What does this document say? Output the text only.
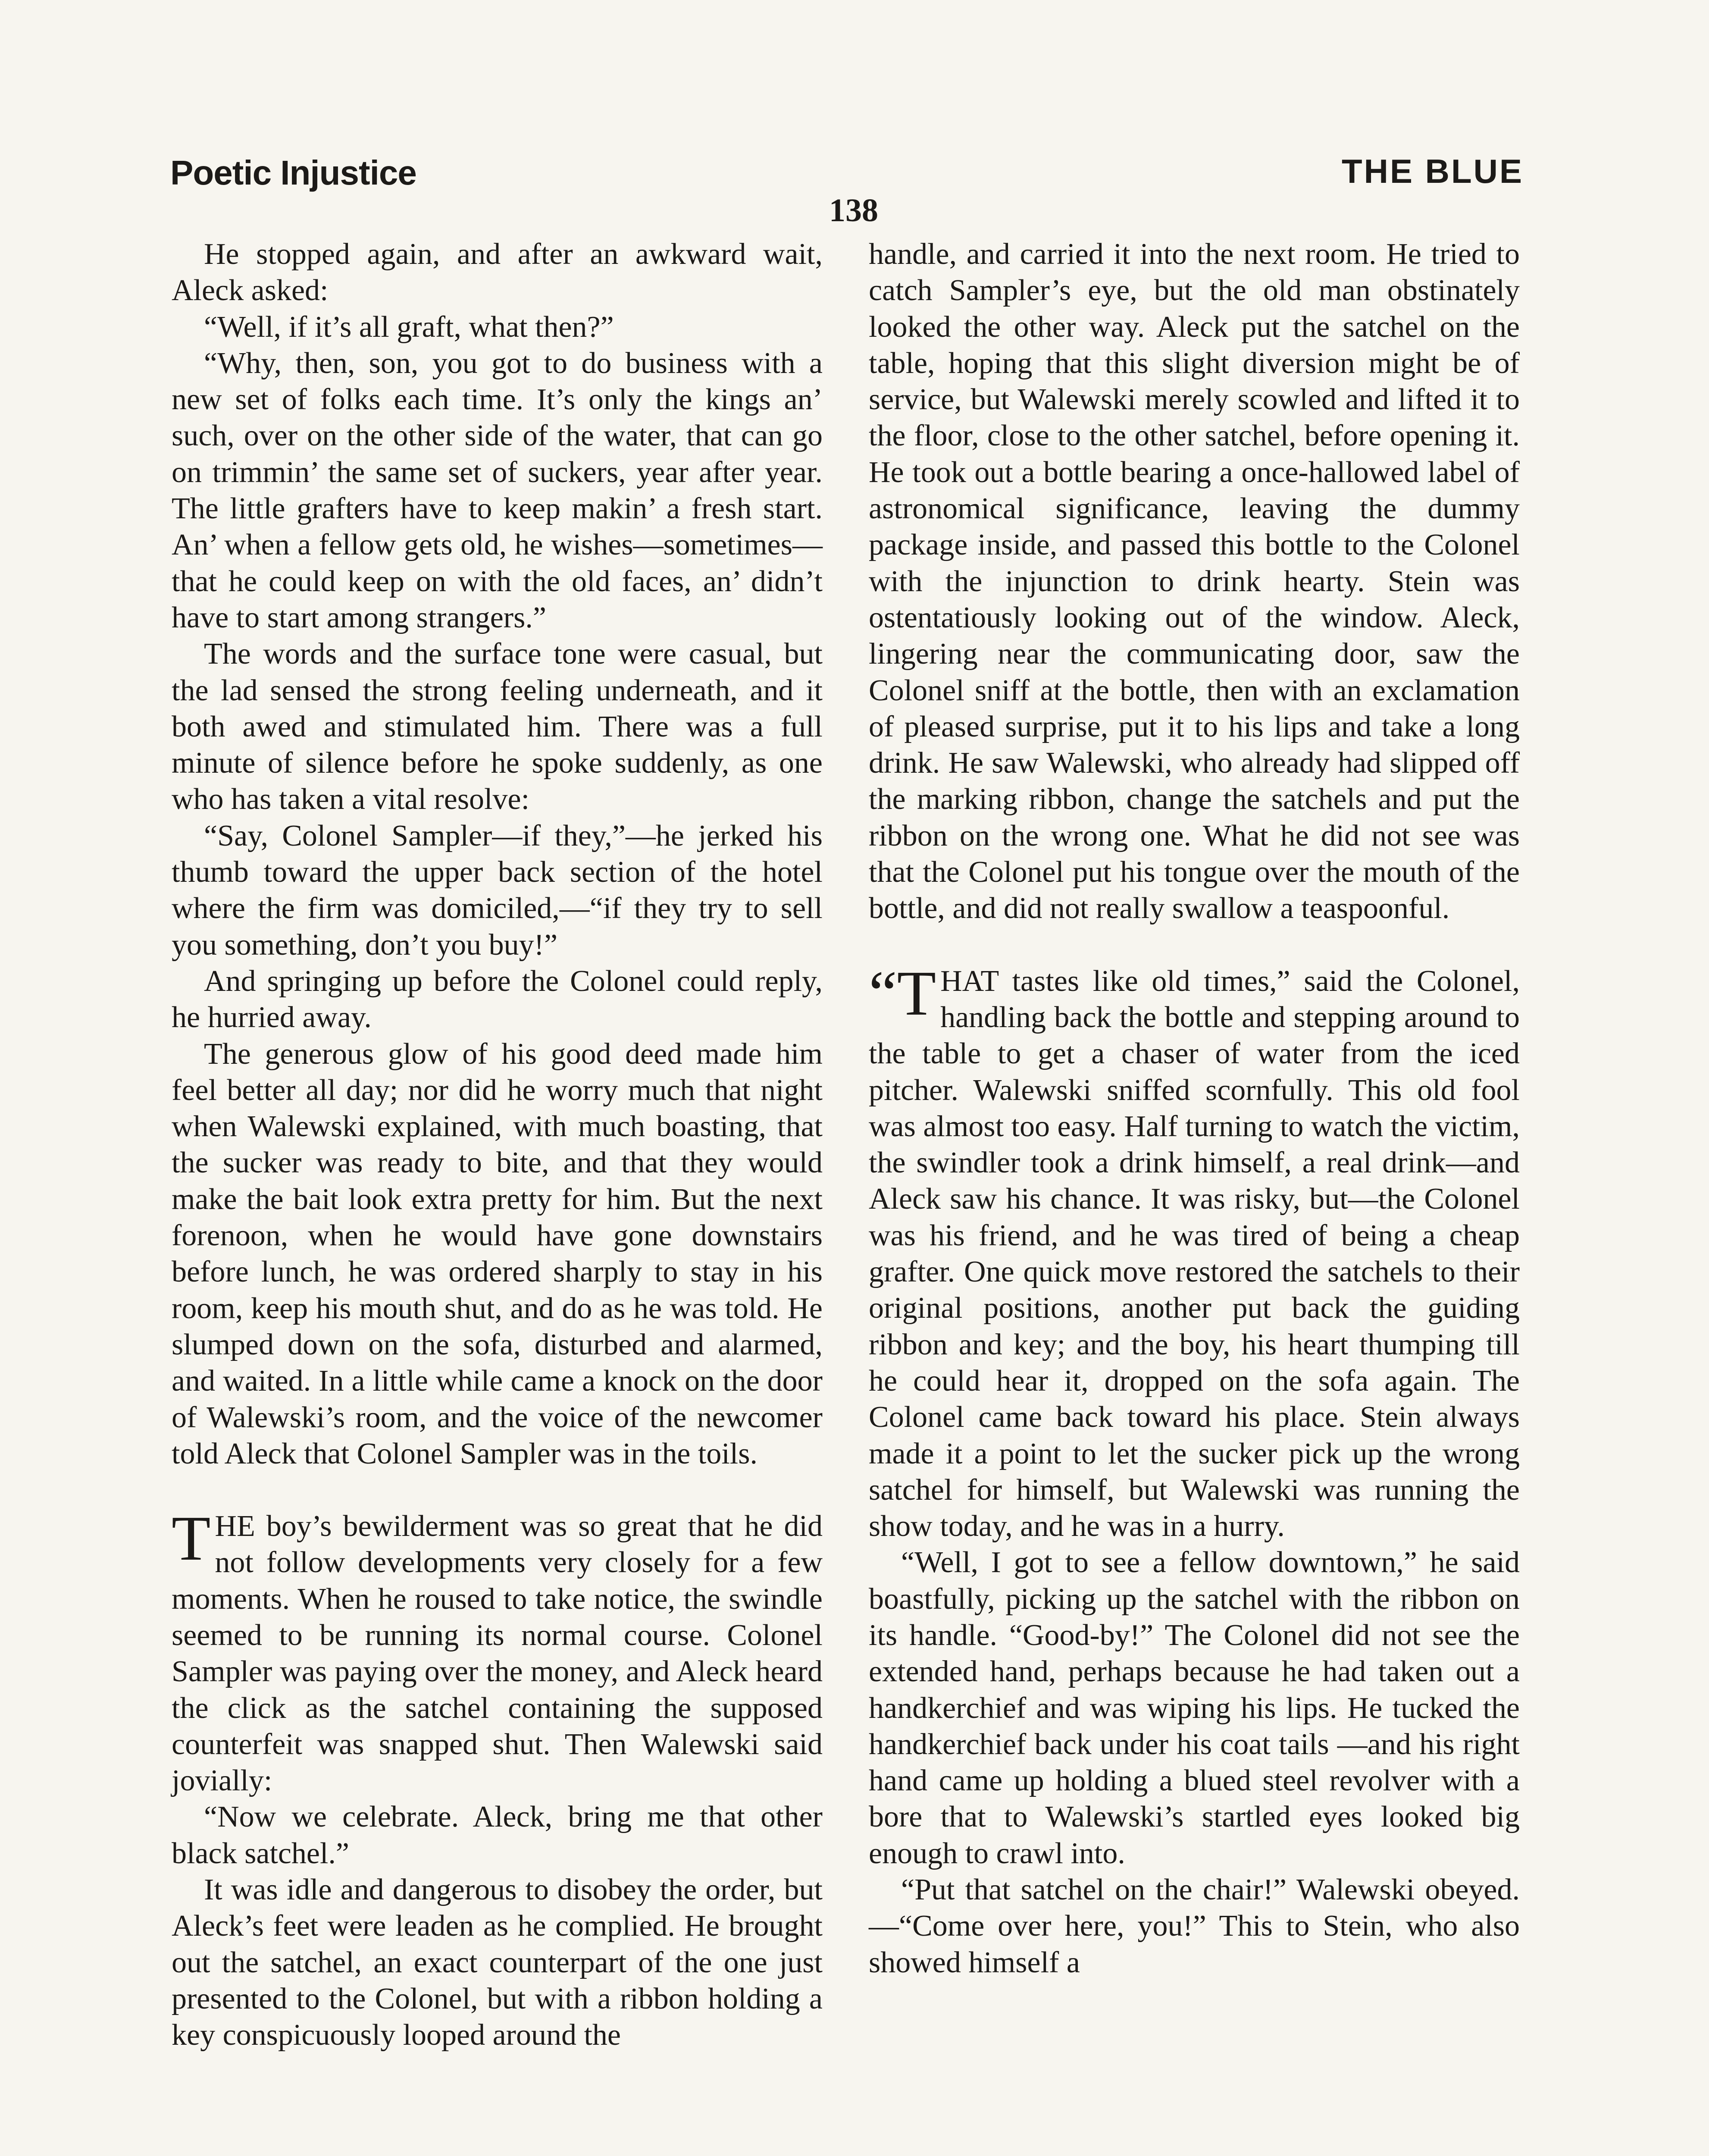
Poetic Injustice	THE BLUE
138

He stopped again, and after an awkward wait, Aleck asked:

“Well, if it’s all graft, what then?”

“Why, then, son, you got to do business with a new set of folks each time. It’s only the kings an’ such, over on the other side of the water, that can go on trimmin’ the same set of suckers, year after year. The little grafters have to keep makin’ a fresh start. An’ when a fellow gets old, he wishes—sometimes—that he could keep on with the old faces, an’ didn’t have to start among strangers.”

The words and the surface tone were casual, but the lad sensed the strong feeling underneath, and it both awed and stimulated him. There was a full minute of silence before he spoke suddenly, as one who has taken a vital resolve:

“Say, Colonel Sampler—if they,”—he jerked his thumb toward the upper back section of the hotel where the firm was domiciled,—“if they try to sell you something, don’t you buy!”

And springing up before the Colonel could reply, he hurried away.

The generous glow of his good deed made him feel better all day; nor did he worry much that night when Walewski explained, with much boasting, that the sucker was ready to bite, and that they would make the bait look extra pretty for him. But the next forenoon, when he would have gone downstairs before lunch, he was ordered sharply to stay in his room, keep his mouth shut, and do as he was told. He slumped down on the sofa, disturbed and alarmed, and waited. In a little while came a knock on the door of Walewski’s room, and the voice of the newcomer told Aleck that Colonel Sampler was in the toils.

THE boy’s bewilderment was so great that he did not follow developments very closely for a few moments. When he roused to take notice, the swindle seemed to be running its normal course. Colonel Sampler was paying over the money, and Aleck heard the click as the satchel containing the supposed counterfeit was snapped shut. Then Walewski said jovially:

“Now we celebrate. Aleck, bring me that other black satchel.”

It was idle and dangerous to disobey the order, but Aleck’s feet were leaden as he complied. He brought out the satchel, an exact counterpart of the one just presented to the Colonel, but with a ribbon holding a key conspicuously looped around the

handle, and carried it into the next room. He tried to catch Sampler’s eye, but the old man obstinately looked the other way. Aleck put the satchel on the table, hoping that this slight diversion might be of service, but Walewski merely scowled and lifted it to the floor, close to the other satchel, before opening it. He took out a bottle bearing a once-hallowed label of astronomical significance, leaving the dummy package inside, and passed this bottle to the Colonel with the injunction to drink hearty. Stein was ostentatiously looking out of the window. Aleck, lingering near the communicating door, saw the Colonel sniff at the bottle, then with an exclamation of pleased surprise, put it to his lips and take a long drink. He saw Walewski, who already had slipped off the marking ribbon, change the satchels and put the ribbon on the wrong one. What he did not see was that the Colonel put his tongue over the mouth of the bottle, and did not really swallow a teaspoonful.

“THAT tastes like old times,” said the Colonel, handling back the bottle and stepping around to the table to get a chaser of water from the iced pitcher. Walewski sniffed scornfully. This old fool was almost too easy. Half turning to watch the victim, the swindler took a drink himself, a real drink—and Aleck saw his chance. It was risky, but—the Colonel was his friend, and he was tired of being a cheap grafter. One quick move restored the satchels to their original positions, another put back the guiding ribbon and key; and the boy, his heart thumping till he could hear it, dropped on the sofa again. The Colonel came back toward his place. Stein always made it a point to let the sucker pick up the wrong satchel for himself, but Walewski was running the show today, and he was in a hurry.

“Well, I got to see a fellow downtown,” he said boastfully, picking up the satchel with the ribbon on its handle. “Good-by!” The Colonel did not see the extended hand, perhaps because he had taken out a handkerchief and was wiping his lips. He tucked the handkerchief back under his coat tails —and his right hand came up holding a blued steel revolver with a bore that to Walewski’s startled eyes looked big enough to crawl into.

“Put that satchel on the chair!” Walewski obeyed. —“Come over here, you!” This to Stein, who also showed himself a
